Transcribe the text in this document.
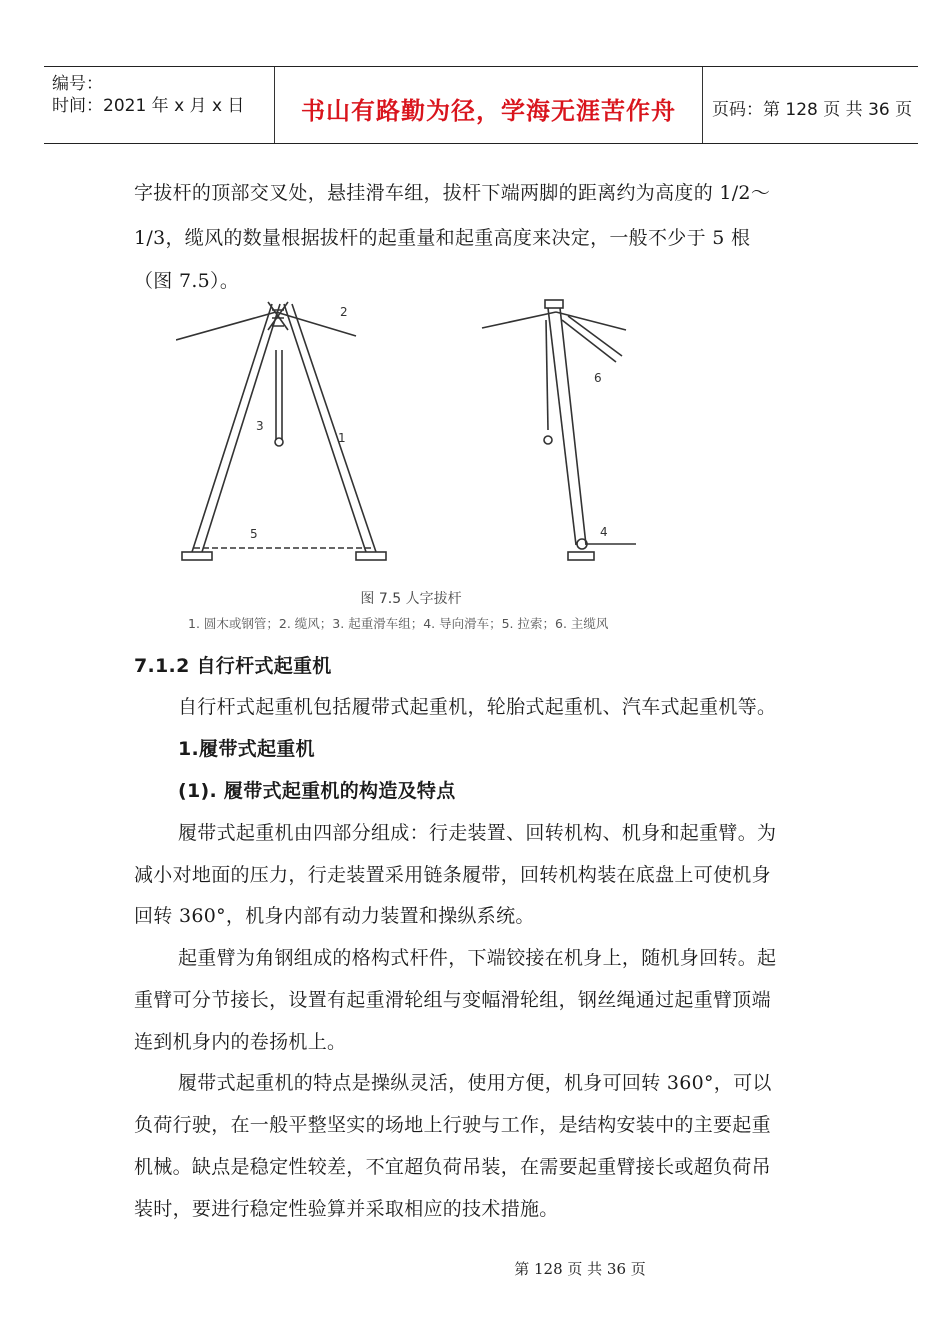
编号：
时间：2021 年 x 月 x 日	书山有路勤为径，学海无涯苦作舟	页码：第 128 页 共 36 页
字拔杆的顶部交叉处，悬挂滑车组，拔杆下端两脚的距离约为高度的 1/2～
1/3，缆风的数量根据拔杆的起重量和起重高度来决定，一般不少于 5 根
（图 7.5）。
1
2
3
4
5
6
图 7.5 人字拔杆
1. 圆木或钢管；2. 缆风；3. 起重滑车组；4. 导向滑车；5. 拉索；6. 主缆风
7.1.2 自行杆式起重机
自行杆式起重机包括履带式起重机，轮胎式起重机、汽车式起重机等。
1.履带式起重机
(1). 履带式起重机的构造及特点
履带式起重机由四部分组成：行走装置、回转机构、机身和起重臂。为
减小对地面的压力，行走装置采用链条履带，回转机构装在底盘上可使机身
回转 360°，机身内部有动力装置和操纵系统。
起重臂为角钢组成的格构式杆件，下端铰接在机身上，随机身回转。起
重臂可分节接长，设置有起重滑轮组与变幅滑轮组，钢丝绳通过起重臂顶端
连到机身内的卷扬机上。
履带式起重机的特点是操纵灵活，使用方便，机身可回转 360°，可以
负荷行驶，在一般平整坚实的场地上行驶与工作，是结构安装中的主要起重
机械。缺点是稳定性较差，不宜超负荷吊装，在需要起重臂接长或超负荷吊
装时，要进行稳定性验算并采取相应的技术措施。
第 128 页 共 36 页
